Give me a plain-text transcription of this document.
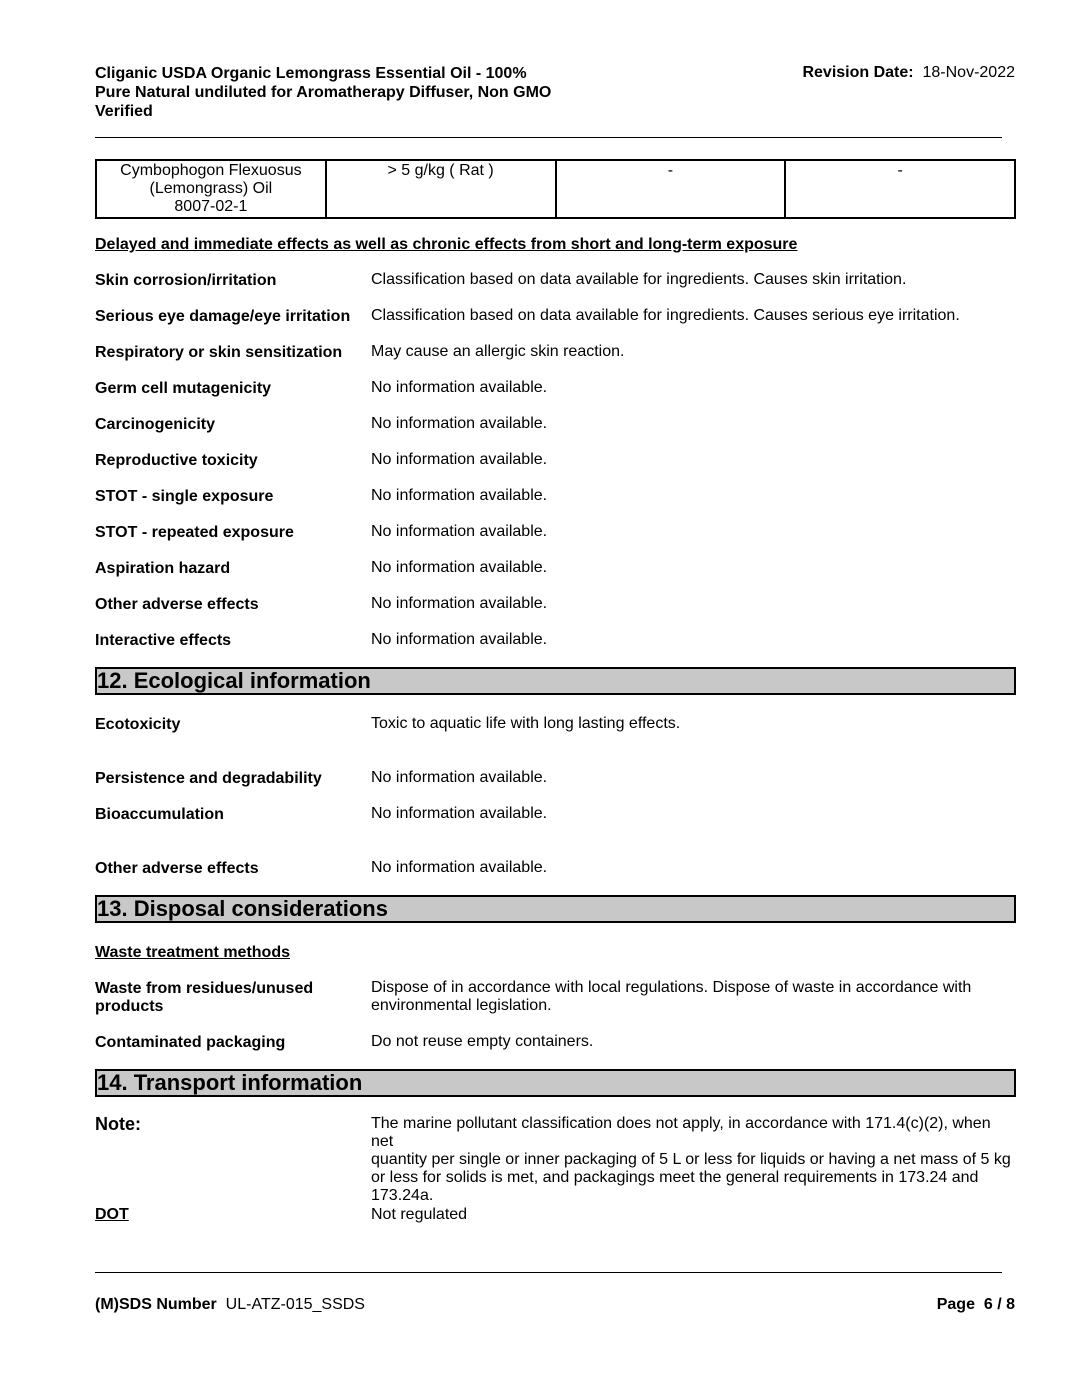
Cliganic USDA Organic Lemongrass Essential Oil - 100%
Pure Natural undiluted for Aromatherapy Diffuser, Non GMO
Verified
Revision Date: 18-Nov-2022
Cymbophogon Flexuosus
(Lemongrass) Oil
8007-02-1
	> 5 g/kg ( Rat )	-	-
Delayed and immediate effects as well as chronic effects from short and long-term exposure
Skin corrosion/irritation	Classification based on data available for ingredients. Causes skin irritation.
Serious eye damage/eye irritation	Classification based on data available for ingredients. Causes serious eye irritation.
Respiratory or skin sensitization	May cause an allergic skin reaction.
Germ cell mutagenicity	No information available.
Carcinogenicity	No information available.
Reproductive toxicity	No information available.
STOT - single exposure	No information available.
STOT - repeated exposure	No information available.
Aspiration hazard	No information available.
Other adverse effects	No information available.
Interactive effects	No information available.
12. Ecological information
Ecotoxicity	Toxic to aquatic life with long lasting effects.
Persistence and degradability	No information available.
Bioaccumulation	No information available.
Other adverse effects	No information available.
13. Disposal considerations
Waste treatment methods
Waste from residues/unused
products
Dispose of in accordance with local regulations. Dispose of waste in accordance with
environmental legislation.
Contaminated packaging	Do not reuse empty containers.
14. Transport information
Note:	The marine pollutant classification does not apply, in accordance with 171.4(c)(2), when net
quantity per single or inner packaging of 5 L or less for liquids or having a net mass of 5 kg
or less for solids is met, and packagings meet the general requirements in 173.24 and
173.24a.
DOT	Not regulated
(M)SDS Number UL-ATZ-015_SSDS	Page 6 / 8
